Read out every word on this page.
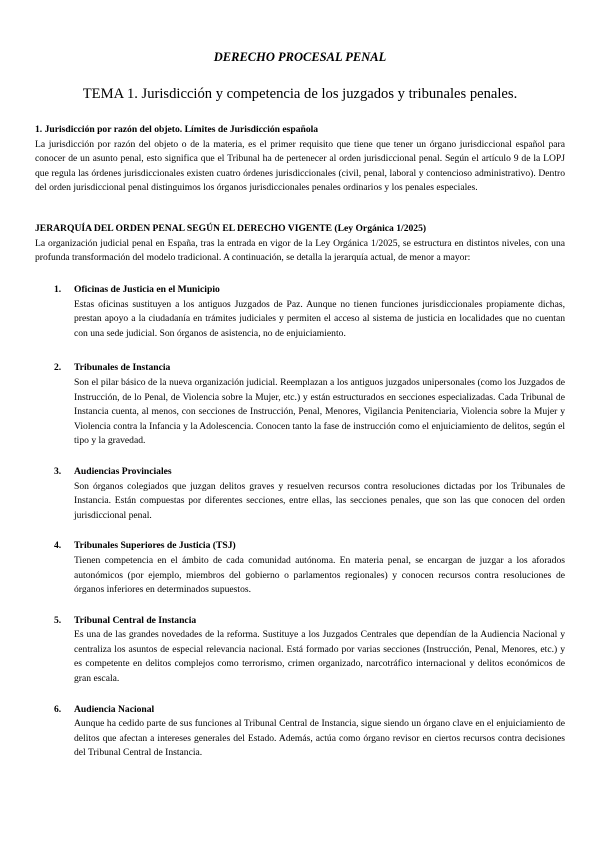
DERECHO PROCESAL PENAL
TEMA 1. Jurisdicción y competencia de los juzgados y tribunales penales.
1. Jurisdicción por razón del objeto. Límites de Jurisdicción española
La jurisdicción por razón del objeto o de la materia, es el primer requisito que tiene que tener un órgano jurisdiccional español para conocer de un asunto penal, esto significa que el Tribunal ha de pertenecer al orden jurisdiccional penal. Según el artículo 9 de la LOPJ que regula las órdenes jurisdiccionales existen cuatro órdenes jurisdiccionales (civil, penal, laboral y contencioso administrativo). Dentro del orden jurisdiccional penal distinguimos los órganos jurisdiccionales penales ordinarios y los penales especiales.
JERARQUÍA DEL ORDEN PENAL SEGÚN EL DERECHO VIGENTE (Ley Orgánica 1/2025)
La organización judicial penal en España, tras la entrada en vigor de la Ley Orgánica 1/2025, se estructura en distintos niveles, con una profunda transformación del modelo tradicional. A continuación, se detalla la jerarquía actual, de menor a mayor:
1.	Oficinas de Justicia en el Municipio
Estas oficinas sustituyen a los antiguos Juzgados de Paz. Aunque no tienen funciones jurisdiccionales propiamente dichas, prestan apoyo a la ciudadanía en trámites judiciales y permiten el acceso al sistema de justicia en localidades que no cuentan con una sede judicial. Son órganos de asistencia, no de enjuiciamiento.
2.	Tribunales de Instancia
Son el pilar básico de la nueva organización judicial. Reemplazan a los antiguos juzgados unipersonales (como los Juzgados de Instrucción, de lo Penal, de Violencia sobre la Mujer, etc.) y están estructurados en secciones especializadas. Cada Tribunal de Instancia cuenta, al menos, con secciones de Instrucción, Penal, Menores, Vigilancia Penitenciaria, Violencia sobre la Mujer y Violencia contra la Infancia y la Adolescencia. Conocen tanto la fase de instrucción como el enjuiciamiento de delitos, según el tipo y la gravedad.
3.	Audiencias Provinciales
Son órganos colegiados que juzgan delitos graves y resuelven recursos contra resoluciones dictadas por los Tribunales de Instancia. Están compuestas por diferentes secciones, entre ellas, las secciones penales, que son las que conocen del orden jurisdiccional penal.
4.	Tribunales Superiores de Justicia (TSJ)
Tienen competencia en el ámbito de cada comunidad autónoma. En materia penal, se encargan de juzgar a los aforados autonómicos (por ejemplo, miembros del gobierno o parlamentos regionales) y conocen recursos contra resoluciones de órganos inferiores en determinados supuestos.
5.	Tribunal Central de Instancia
Es una de las grandes novedades de la reforma. Sustituye a los Juzgados Centrales que dependían de la Audiencia Nacional y centraliza los asuntos de especial relevancia nacional. Está formado por varias secciones (Instrucción, Penal, Menores, etc.) y es competente en delitos complejos como terrorismo, crimen organizado, narcotráfico internacional y delitos económicos de gran escala.
6.	Audiencia Nacional
Aunque ha cedido parte de sus funciones al Tribunal Central de Instancia, sigue siendo un órgano clave en el enjuiciamiento de delitos que afectan a intereses generales del Estado. Además, actúa como órgano revisor en ciertos recursos contra decisiones del Tribunal Central de Instancia.
